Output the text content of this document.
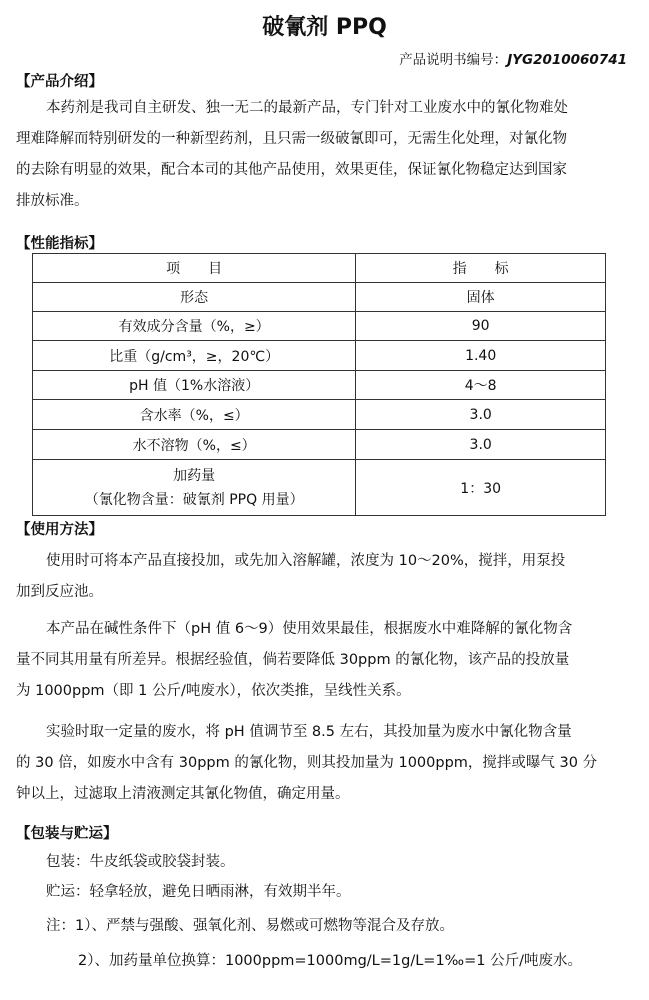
破氰剂 PPQ
产品说明书编号：JYG2010060741
【产品介绍】
本药剂是我司自主研发、独一无二的最新产品，专门针对工业废水中的氰化物难处
理难降解而特别研发的一种新型药剂，且只需一级破氰即可，无需生化处理，对氰化物
的去除有明显的效果，配合本司的其他产品使用，效果更佳，保证氰化物稳定达到国家
排放标准。
【性能指标】
项　　目	指　　标
形态	固体
有效成分含量（%，≥）	90
比重（g/cm³，≥，20℃）	1.40
pH 值（1%水溶液）	4～8
含水率（%，≤）	3.0
水不溶物（%，≤）	3.0

加药量
（氰化物含量：破氰剂 PPQ 用量）	1：30
【使用方法】
使用时可将本产品直接投加，或先加入溶解罐，浓度为 10～20%，搅拌，用泵投
加到反应池。
本产品在碱性条件下（pH 值 6～9）使用效果最佳，根据废水中难降解的氰化物含
量不同其用量有所差异。根据经验值，倘若要降低 30ppm 的氰化物，该产品的投放量
为 1000ppm（即 1 公斤/吨废水），依次类推，呈线性关系。
实验时取一定量的废水，将 pH 值调节至 8.5 左右，其投加量为废水中氰化物含量
的 30 倍，如废水中含有 30ppm 的氰化物，则其投加量为 1000ppm，搅拌或曝气 30 分
钟以上，过滤取上清液测定其氰化物值，确定用量。
【包装与贮运】
包装：牛皮纸袋或胶袋封装。
贮运：轻拿轻放，避免日晒雨淋，有效期半年。
注：1）、严禁与强酸、强氧化剂、易燃或可燃物等混合及存放。
2）、加药量单位换算：1000ppm=1000mg/L=1g/L=1‰=1 公斤/吨废水。
